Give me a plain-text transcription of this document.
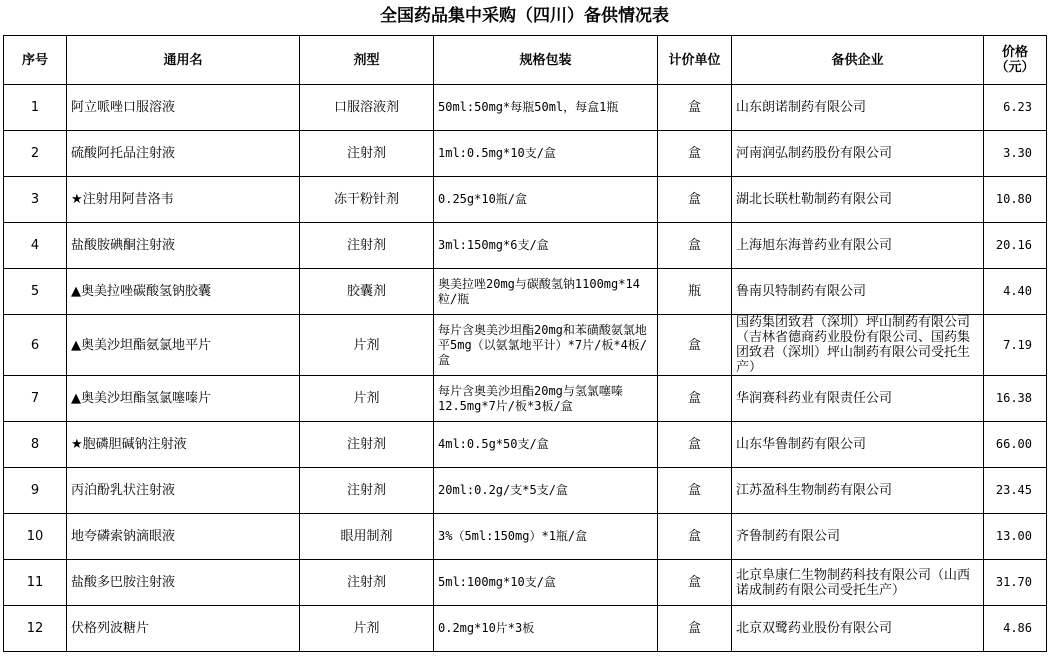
全国药品集中采购（四川）备供情况表
序号	通用名	剂型	规格包装	计价单位	备供企业	价格（元）
1	阿立哌唑口服溶液	口服溶液剂	50ml:50mg*每瓶50ml，每盒1瓶	盒	山东朗诺制药有限公司	6.23
2	硫酸阿托品注射液	注射剂	1ml:0.5mg*10支/盒	盒	河南润弘制药股份有限公司	3.30
3	★注射用阿昔洛韦	冻干粉针剂	0.25g*10瓶/盒	盒	湖北长联杜勒制药有限公司	10.80
4	盐酸胺碘酮注射液	注射剂	3ml:150mg*6支/盒	盒	上海旭东海普药业有限公司	20.16
5	▲奥美拉唑碳酸氢钠胶囊	胶囊剂	奥美拉唑20mg与碳酸氢钠1100mg*14粒/瓶	瓶	鲁南贝特制药有限公司	4.40
6	▲奥美沙坦酯氨氯地平片	片剂	每片含奥美沙坦酯20mg和苯磺酸氨氯地平5mg（以氨氯地平计）*7片/板*4板/盒	盒	国药集团致君（深圳）坪山制药有限公司（吉林省德商药业股份有限公司、国药集团致君（深圳）坪山制药有限公司受托生产）	7.19
7	▲奥美沙坦酯氢氯噻嗪片	片剂	每片含奥美沙坦酯20mg与氢氯噻嗪12.5mg*7片/板*3板/盒	盒	华润赛科药业有限责任公司	16.38
8	★胞磷胆碱钠注射液	注射剂	4ml:0.5g*50支/盒	盒	山东华鲁制药有限公司	66.00
9	丙泊酚乳状注射液	注射剂	20ml:0.2g/支*5支/盒	盒	江苏盈科生物制药有限公司	23.45
10	地夸磷索钠滴眼液	眼用制剂	3%（5ml:150mg）*1瓶/盒	盒	齐鲁制药有限公司	13.00
11	盐酸多巴胺注射液	注射剂	5ml:100mg*10支/盒	盒	北京阜康仁生物制药科技有限公司（山西诺成制药有限公司受托生产）	31.70
12	伏格列波糖片	片剂	0.2mg*10片*3板	盒	北京双鹭药业股份有限公司	4.86
